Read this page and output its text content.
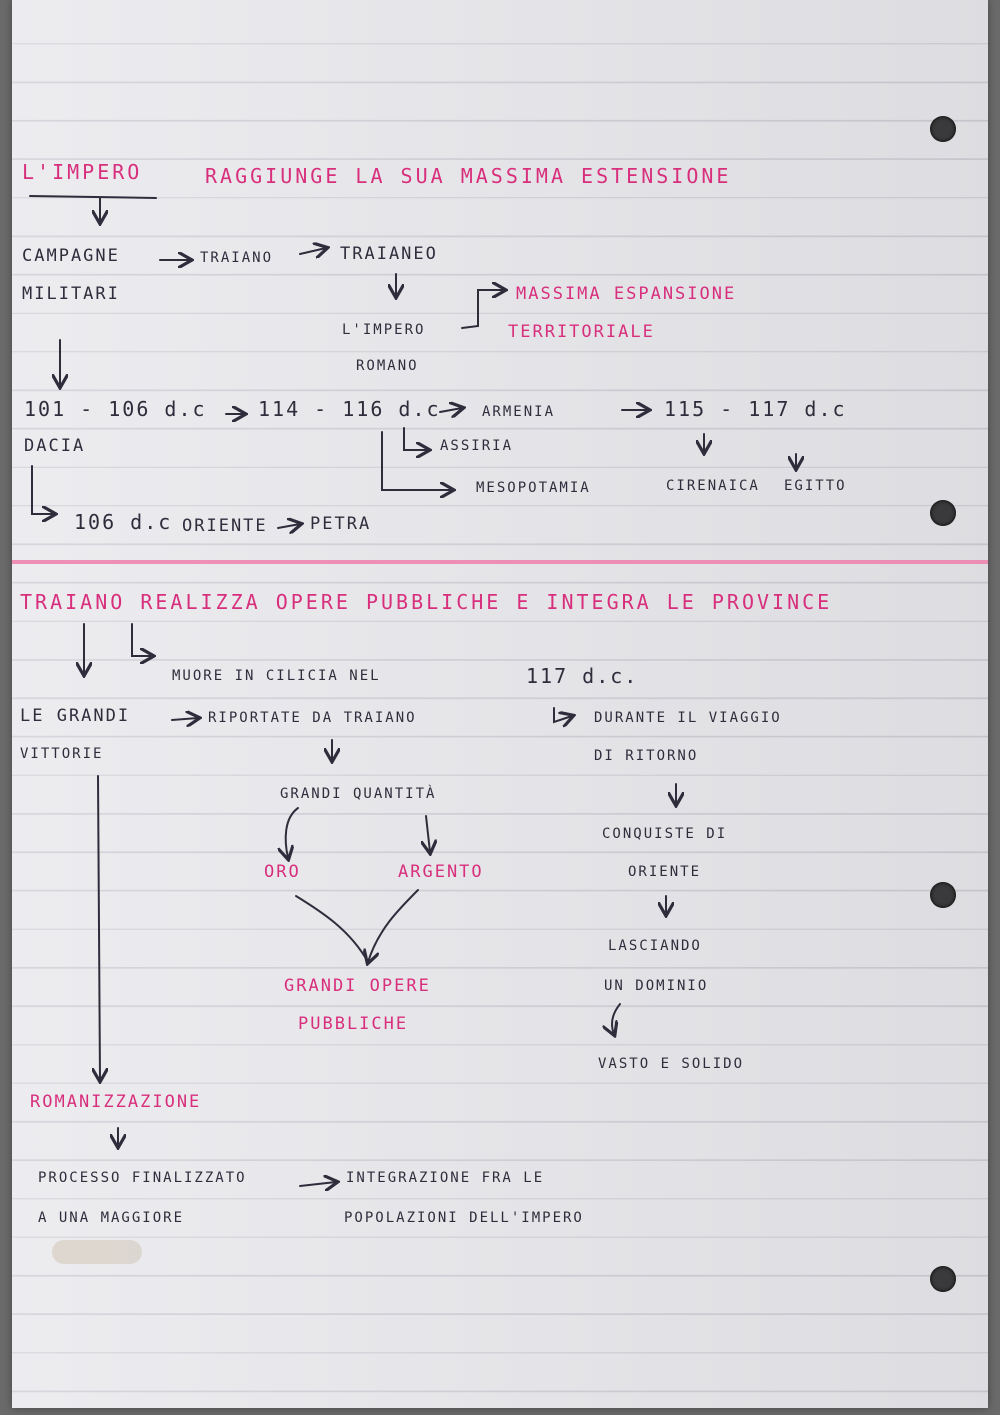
L'IMPERO	RAGGIUNGE LA SUA MASSIMA ESTENSIONE
CAMPAGNE	TRAIANO	TRAIANEO
MILITARI	MASSIMA ESPANSIONE
TERRITORIALE
L'IMPERO
ROMANO
101 - 106 d.c	114 - 116 d.c	ARMENIA	115 - 117 d.c
DACIA	ASSIRIA
MESOPOTAMIA	CIRENAICA EGITTO
106 d.c ORIENTE PETRA
TRAIANO REALIZZA OPERE PUBBLICHE E INTEGRA LE PROVINCE
MUORE IN CILICIA NEL	117 d.c.
LE GRANDI	RIPORTATE DA TRAIANO	DURANTE IL VIAGGIO
VITTORIE	DI RITORNO
GRANDI QUANTITÀ
CONQUISTE DI
ORO	ARGENTO	ORIENTE
LASCIANDO
GRANDI OPERE	UN DOMINIO
PUBBLICHE
VASTO E SOLIDO
ROMANIZZAZIONE
PROCESSO FINALIZZATO	INTEGRAZIONE FRA LE
A UNA MAGGIORE	POPOLAZIONI DELL'IMPERO
